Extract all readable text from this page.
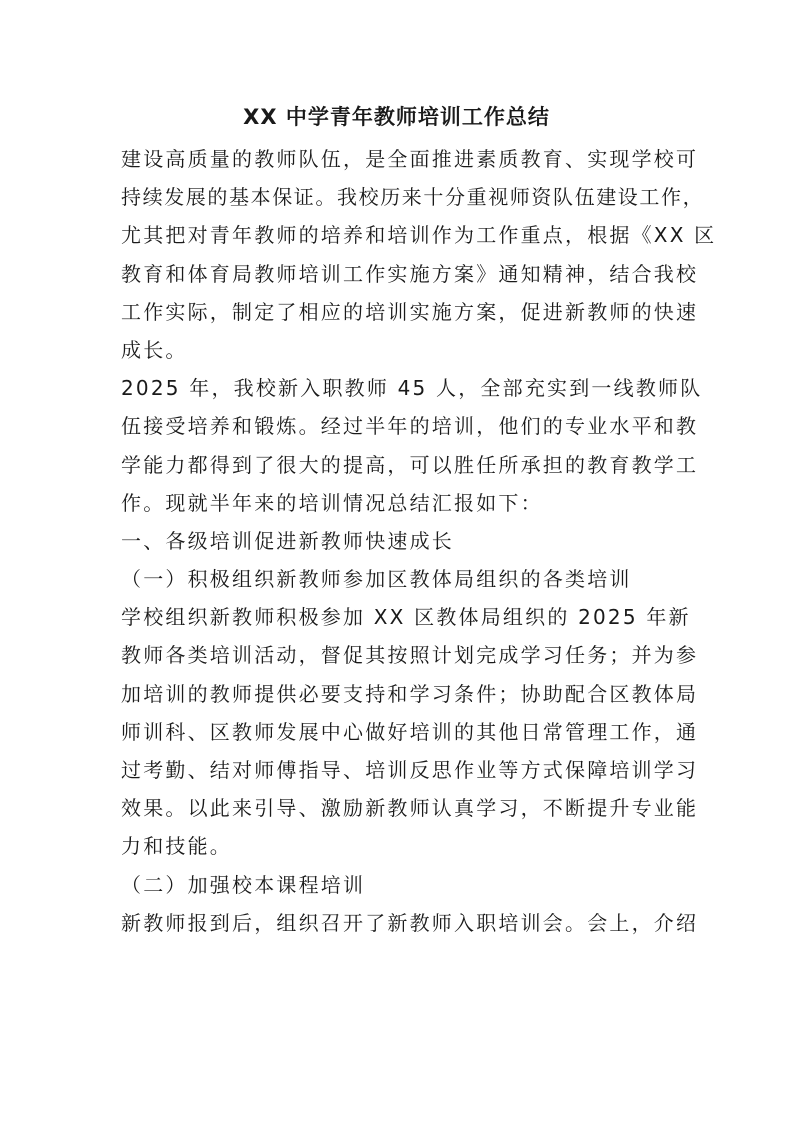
XX 中学青年教师培训工作总结

建设高质量的教师队伍，是全面推进素质教育、实现学校可

持续发展的基本保证。我校历来十分重视师资队伍建设工作，

尤其把对青年教师的培养和培训作为工作重点，根据《XX 区

教育和体育局教师培训工作实施方案》通知精神，结合我校

工作实际，制定了相应的培训实施方案，促进新教师的快速

成长。

2025 年，我校新入职教师 45 人，全部充实到一线教师队

伍接受培养和锻炼。经过半年的培训，他们的专业水平和教

学能力都得到了很大的提高，可以胜任所承担的教育教学工

作。现就半年来的培训情况总结汇报如下：

一、各级培训促进新教师快速成长

（一）积极组织新教师参加区教体局组织的各类培训

学校组织新教师积极参加 XX 区教体局组织的 2025 年新

教师各类培训活动，督促其按照计划完成学习任务；并为参

加培训的教师提供必要支持和学习条件；协助配合区教体局

师训科、区教师发展中心做好培训的其他日常管理工作，通

过考勤、结对师傅指导、培训反思作业等方式保障培训学习

效果。以此来引导、激励新教师认真学习，不断提升专业能

力和技能。

（二）加强校本课程培训

新教师报到后，组织召开了新教师入职培训会。会上，介绍
